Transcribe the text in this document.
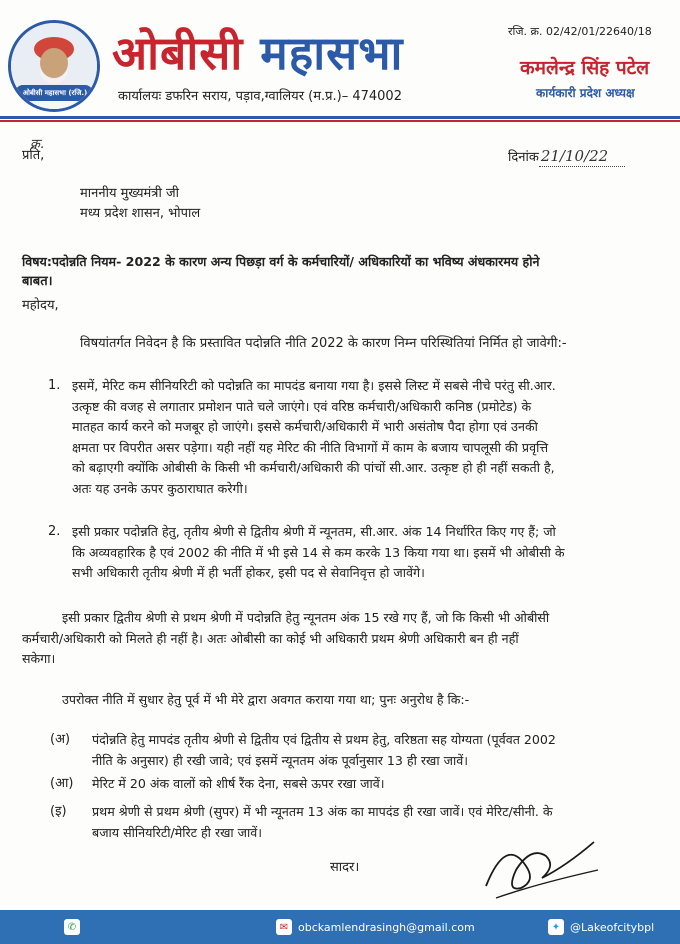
ओबीसी महासभा (रजि.)
ओबीसी महासभा
कार्यालयः डफरिन सराय, पड़ाव,ग्वालियर (म.प्र.)– 474002
रजि. क्र. 02/42/01/22640/18
कमलेन्द्र सिंह पटेल
कार्यकारी प्रदेश अध्यक्ष
क्र.
प्रति,	दिनांक 21/10/22
माननीय मुख्यमंत्री जी
मध्य प्रदेश शासन, भोपाल
विषय:पदोन्नति नियम- 2022 के कारण अन्य पिछड़ा वर्ग के कर्मचारियों/ अधिकारियों का भविष्य अंधकारमय होने
बाबत।
महोदय,
विषयांतर्गत निवेदन है कि प्रस्तावित पदोन्नति नीति 2022 के कारण निम्न परिस्थितियां निर्मित हो जावेगी:-
1. इसमें, मेरिट कम सीनियरिटी को पदोन्नति का मापदंड बनाया गया है। इससे लिस्ट में सबसे नीचे परंतु सी.आर.
उत्कृष्ट की वजह से लगातार प्रमोशन पाते चले जाएंगे। एवं वरिष्ठ कर्मचारी/अधिकारी कनिष्ठ (प्रमोटेड) के
मातहत कार्य करने को मजबूर हो जाएंगे। इससे कर्मचारी/अधिकारी में भारी असंतोष पैदा होगा एवं उनकी
क्षमता पर विपरीत असर पड़ेगा। यही नहीं यह मेरिट की नीति विभागों में काम के बजाय चापलूसी की प्रवृत्ति
को बढ़ाएगी क्योंकि ओबीसी के किसी भी कर्मचारी/अधिकारी की पांचों सी.आर. उत्कृष्ट हो ही नहीं सकती है,
अतः यह उनके ऊपर कुठाराघात करेगी।
2. इसी प्रकार पदोन्नति हेतु, तृतीय श्रेणी से द्वितीय श्रेणी में न्यूनतम, सी.आर. अंक 14 निर्धारित किए गए हैं; जो
कि अव्यवहारिक है एवं 2002 की नीति में भी इसे 14 से कम करके 13 किया गया था। इसमें भी ओबीसी के
सभी अधिकारी तृतीय श्रेणी में ही भर्ती होकर, इसी पद से सेवानिवृत्त हो जावेंगे।
इसी प्रकार द्वितीय श्रेणी से प्रथम श्रेणी में पदोन्नति हेतु न्यूनतम अंक 15 रखे गए हैं, जो कि किसी भी ओबीसी
कर्मचारी/अधिकारी को मिलते ही नहीं है। अतः ओबीसी का कोई भी अधिकारी प्रथम श्रेणी अधिकारी बन ही नहीं
सकेगा।
उपरोक्त नीति में सुधार हेतु पूर्व में भी मेरे द्वारा अवगत कराया गया था; पुनः अनुरोध है कि:-
(अ) पंदोन्नति हेतु मापदंड तृतीय श्रेणी से द्वितीय एवं द्वितीय से प्रथम हेतु, वरिष्ठता सह योग्यता (पूर्ववत 2002
नीति के अनुसार) ही रखी जावे; एवं इसमें न्यूनतम अंक पूर्वानुसार 13 ही रखा जावें।
(आ) मेरिट में 20 अंक वालों को शीर्ष रैंक देना, सबसे ऊपर रखा जावें।
(इ) प्रथम श्रेणी से प्रथम श्रेणी (सुपर) में भी न्यूनतम 13 अंक का मापदंड ही रखा जावें। एवं मेरिट/सीनी. के
बजाय सीनियरिटी/मेरिट ही रखा जावें।
सादर।
✆	✉ obckamlendrasingh@gmail.com	✦ @Lakeofcitybpl
